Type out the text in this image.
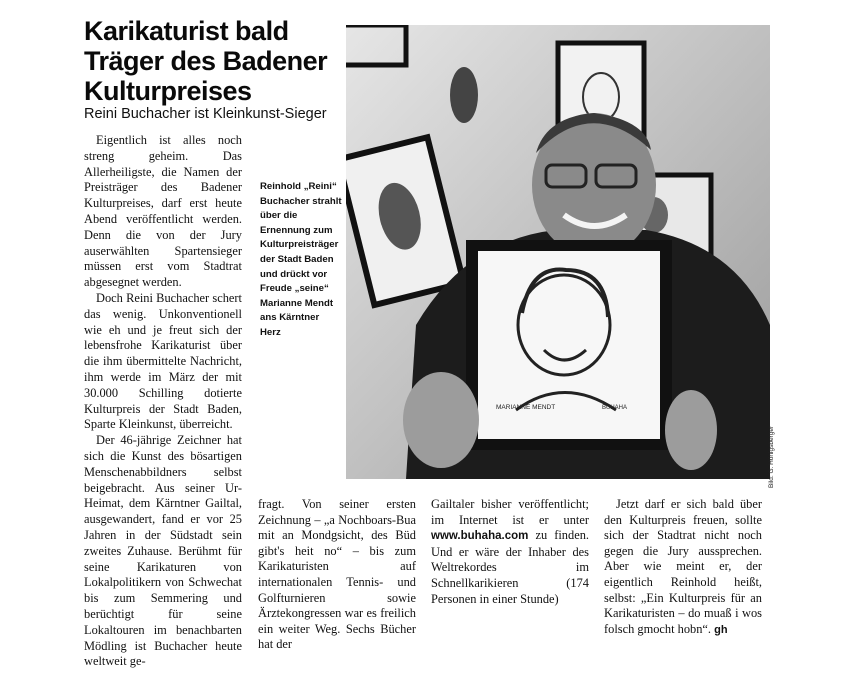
Karikaturist bald Träger des Badener Kulturpreises
Reini Buchacher ist Kleinkunst-Sieger

Eigentlich ist alles noch streng geheim. Das Allerheiligste, die Namen der Preisträger des Badener Kulturpreises, darf erst heute Abend veröffentlicht werden. Denn die von der Jury auserwählten Spartensieger müssen erst vom Stadtrat abgesegnet werden.

Doch Reini Buchacher schert das wenig. Unkonventionell wie eh und je freut sich der lebensfrohe Karikaturist über die ihm übermittelte Nachricht, ihm werde im März der mit 30.000 Schilling dotierte Kulturpreis der Stadt Baden, Sparte Kleinkunst, überreicht.

Der 46-jährige Zeichner hat sich die Kunst des bösartigen Menschenabbildners selbst beigebracht. Aus seiner Ur-Heimat, dem Kärntner Gailtal, ausgewandert, fand er vor 25 Jahren in der Südstadt sein zweites Zuhause. Berühmt für seine Karikaturen von Lokalpolitikern von Schwechat bis zum Semmering und berüchtigt für seine Lokaltouren im benachbarten Mödling ist Buchacher heute weltweit ge-

Reinhold „Reini“ Buchacher strahlt über die Ernennung zum Kulturpreisträger der Stadt Baden und drückt vor Freude „seine“ Marianne Mendt ans Kärntner Herz
MARIANNE MENDT	BUHAHA
Bild: G. Hönigsberger

fragt. Von seiner ersten Zeichnung – „a Nochboars-Bua mit an Mondgsicht, des Büd gibt's heit no“ – bis zum Karikaturisten auf internationalen Tennis- und Golfturnieren sowie Ärztekongressen war es freilich ein weiter Weg. Sechs Bücher hat der

Gailtaler bisher veröffentlicht; im Internet ist er unter www.buhaha.com zu finden. Und er wäre der Inhaber des Weltrekordes im Schnellkarikieren (174 Personen in einer Stunde)

Jetzt darf er sich bald über den Kulturpreis freuen, sollte sich der Stadtrat nicht noch gegen die Jury aussprechen. Aber wie meint er, der eigentlich Reinhold heißt, selbst: „Ein Kulturpreis für an Karikaturisten – do muaß i wos folsch gmocht hobn“. gh
